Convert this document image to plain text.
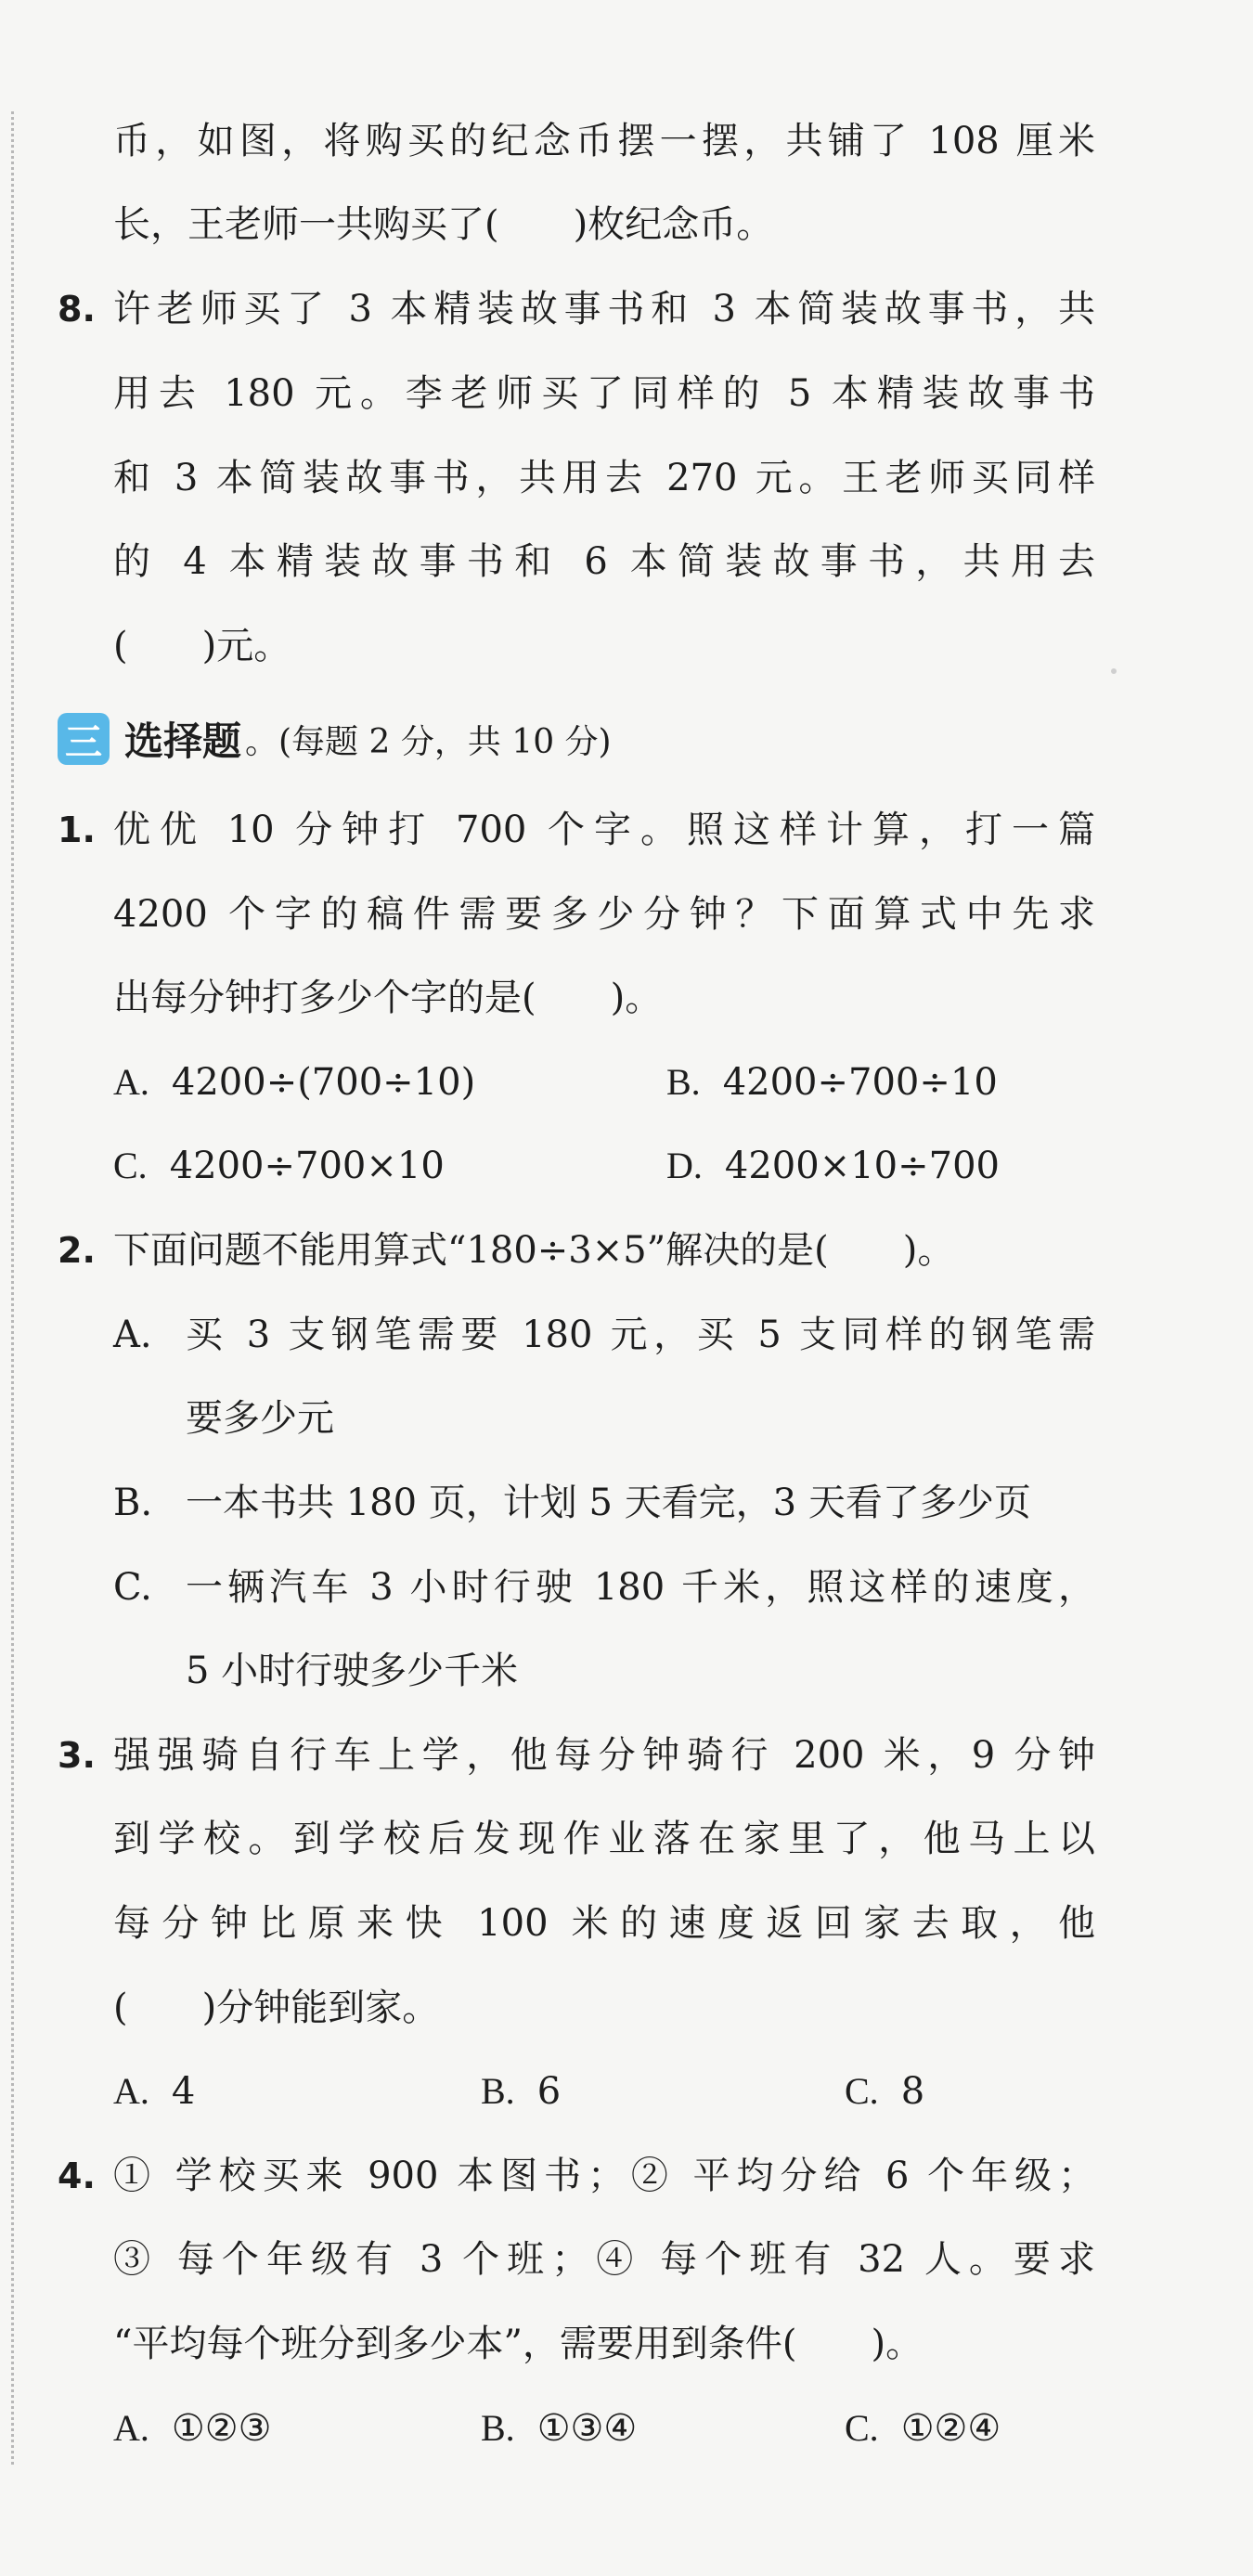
币，如图，将购买的纪念币摆一摆，共铺了 108 厘米
长，王老师一共购买了(　　)枚纪念币。
8. 许老师买了 3 本精装故事书和 3 本简装故事书，共
用去 180 元。李老师买了同样的 5 本精装故事书
和 3 本简装故事书，共用去 270 元。王老师买同样
的 4 本精装故事书和 6 本简装故事书，共用去
(　　)元。
三 选择题 。(每题 2 分，共 10 分)
1. 优优 10 分钟打 700 个字。照这样计算，打一篇
4200 个字的稿件需要多少分钟？下面算式中先求
出每分钟打多少个字的是(　　)。
A. 4200÷(700÷10)	B. 4200÷700÷10
C. 4200÷700×10	D. 4200×10÷700
2. 下面问题不能用算式“180÷3×5”解决的是(　　)。
A. 买 3 支钢笔需要 180 元，买 5 支同样的钢笔需
要多少元
B. 一本书共 180 页，计划 5 天看完，3 天看了多少页
C. 一辆汽车 3 小时行驶 180 千米，照这样的速度，
5 小时行驶多少千米
3. 强强骑自行车上学，他每分钟骑行 200 米，9 分钟
到学校。到学校后发现作业落在家里了，他马上以
每分钟比原来快 100 米的速度返回家去取，他
(　　)分钟能到家。
A. 4	B. 6	C. 8
4. ① 学校买来 900 本图书；② 平均分给 6 个年级；
③ 每个年级有 3 个班；④ 每个班有 32 人。要求
“平均每个班分到多少本”，需要用到条件(　　)。
A. ①②③	B. ①③④	C. ①②④
